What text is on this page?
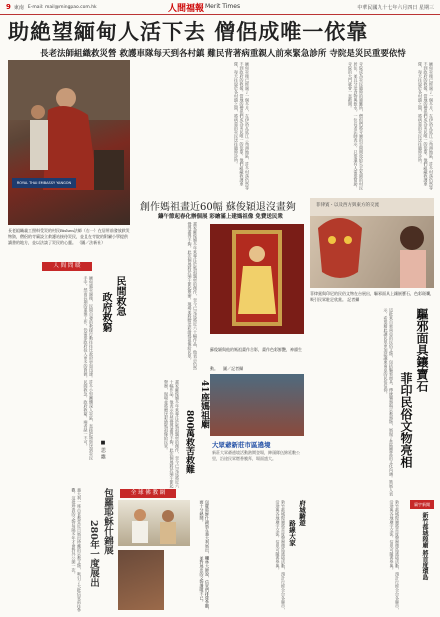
9 東南 E-mail: mail@mingpao.com.hk	人間福報 Merit Times	中華民國九十七年六月四日 星期三
助絶望緬甸人活下去 僧侶成唯一依靠
長老法師組織救災營 救護車隊每天到各村鎮 難民背著病重親人前來緊急診所 寺院是災民重要依恃
ROYAL THAI EMBASSY YANGON
長老組織義工照料受災的村民Bishen法師（右一）在居所前發放救災物資，僧侶的寺廟設立救護站接待災民，並且在寺院的附屬小學提供讀書的地方，並以法談了災民的心靈。 （圖／法新社）
緬甸災後已經過了一個多月，在伊洛瓦底江三角洲地區，許多村落仍然等不到政府的救援。當地的僧侶們成為災民唯一的依靠，他們組織救護車隊，每天往返於各村鎮之間，將病重的災民送往臨時診所。	寺院成為災民臨時的避難所，僧侶們將寺廟的空間開放給失去家園的村民居住，並且分送食物與飲水。一位長老法師表示，只要還有人需要幫助，寺院的大門就會一直敞開。	緬甸災後已經過了一個多月，在伊洛瓦底江三角洲地區，許多村落仍然等不到政府的救援。當地的僧侶們成為災民唯一的依靠，他們組織救護車隊，每天往返於各村鎮之間，將病重的災民送往臨時診所。
人 間 問 暖
民間救急
政府救窮
緬甸風災過後，民間自發的救援行動往往比政府更加迅速。許多小型團體深入災區，直接把物資送到災民手中。然而長期的重建工作，仍需要政府投入更多的資源。民間救急，政府救窮，兩者缺一不可。
■ 思 維
全 球 佛 教 網
包羅耶穌什錦展
280年一度展出
義大利一座古老教堂近日展出珍藏的宗教文物，吸引了大批信眾前往參觀，這批珍貴的文物每隔多年才會對外公開一次。	包羅耶穌什錦展在義大利展出，場面十分熱鬧。
康林大師說，信眾們排隊參觀，並對展出的文物讚嘆不已。
創作媽祖畫近60幅 蘇俊穎退沒畫夠
鑄午節起春化辦個展 彩繪滿上建媽祖像 免費送民衆
畫家蘇俊穎多年來專注於媽祖題材的創作，至今已完成將近六十幅作品，他表示仍然覺得畫得不夠。此次個展將於端午節起舉辦，現場並將贈送彩繪媽祖像給民眾。	蘇俊穎與他的媽祖畫作合影，畫作色彩鮮艷，神韻生動。 圖／記者攝
41座媽祖廟
800萬救苦救難
畫家蘇俊穎多年來專注於媽祖題材的創作，至今已完成將近六十幅作品，他表示仍然覺得畫得不夠。此次個展將於端午節起舉辦，現場並將贈送彩繪媽祖像給民眾。	大眾爺新莊市區遶境
新莊大眾爺遶境活動熱鬧登場，陣頭隊伍綿延數公里，沿途民眾燃香膜拜，場面盛大。
菲律賓・以及西方與東方的交流
菲律賓與印尼的民俗文物在台展出，驅邪面具上鑲嵌寶石，色彩斑斕，吸引民眾駐足欣賞。 記者攝
驅邪面具鑲寶石
菲印民俗文物亮相
這批來自東南亞的民俗文物，包括驅邪面具、傳統樂器與宗教器物，展現了當地豐富的文化內涵。策展人表示，希望藉此讓民眾更加認識東南亞的民俗信仰。
府城騎遊
路線大家
新竹都城隍廟將首度舉辦環島遶境活動，預計行經全台各縣市，沿途與各地廟宇交流，信眾可隨香參與。	新竹都城隍廟將首度舉辦環島遶境活動，預計行經全台各縣市，沿途與各地廟宇交流，信眾可隨香參與。	廟宇新聞
新竹都城隍廟 將首度環島
